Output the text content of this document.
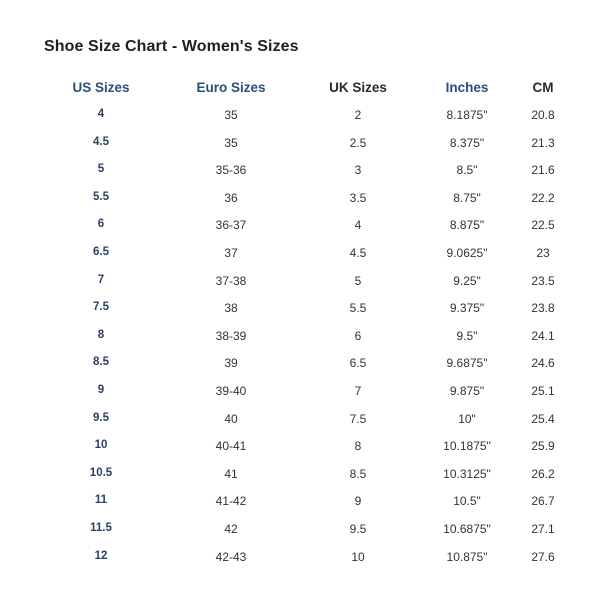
Shoe Size Chart - Women's Sizes
US Sizes	Euro Sizes	UK Sizes	Inches	CM
4	35	2	8.1875"	20.8
4.5	35	2.5	8.375"	21.3
5	35-36	3	8.5"	21.6
5.5	36	3.5	8.75"	22.2
6	36-37	4	8.875"	22.5
6.5	37	4.5	9.0625"	23
7	37-38	5	9.25"	23.5
7.5	38	5.5	9.375"	23.8
8	38-39	6	9.5"	24.1
8.5	39	6.5	9.6875"	24.6
9	39-40	7	9.875"	25.1
9.5	40	7.5	10"	25.4
10	40-41	8	10.1875"	25.9
10.5	41	8.5	10.3125"	26.2
11	41-42	9	10.5"	26.7
11.5	42	9.5	10.6875"	27.1
12	42-43	10	10.875"	27.6
